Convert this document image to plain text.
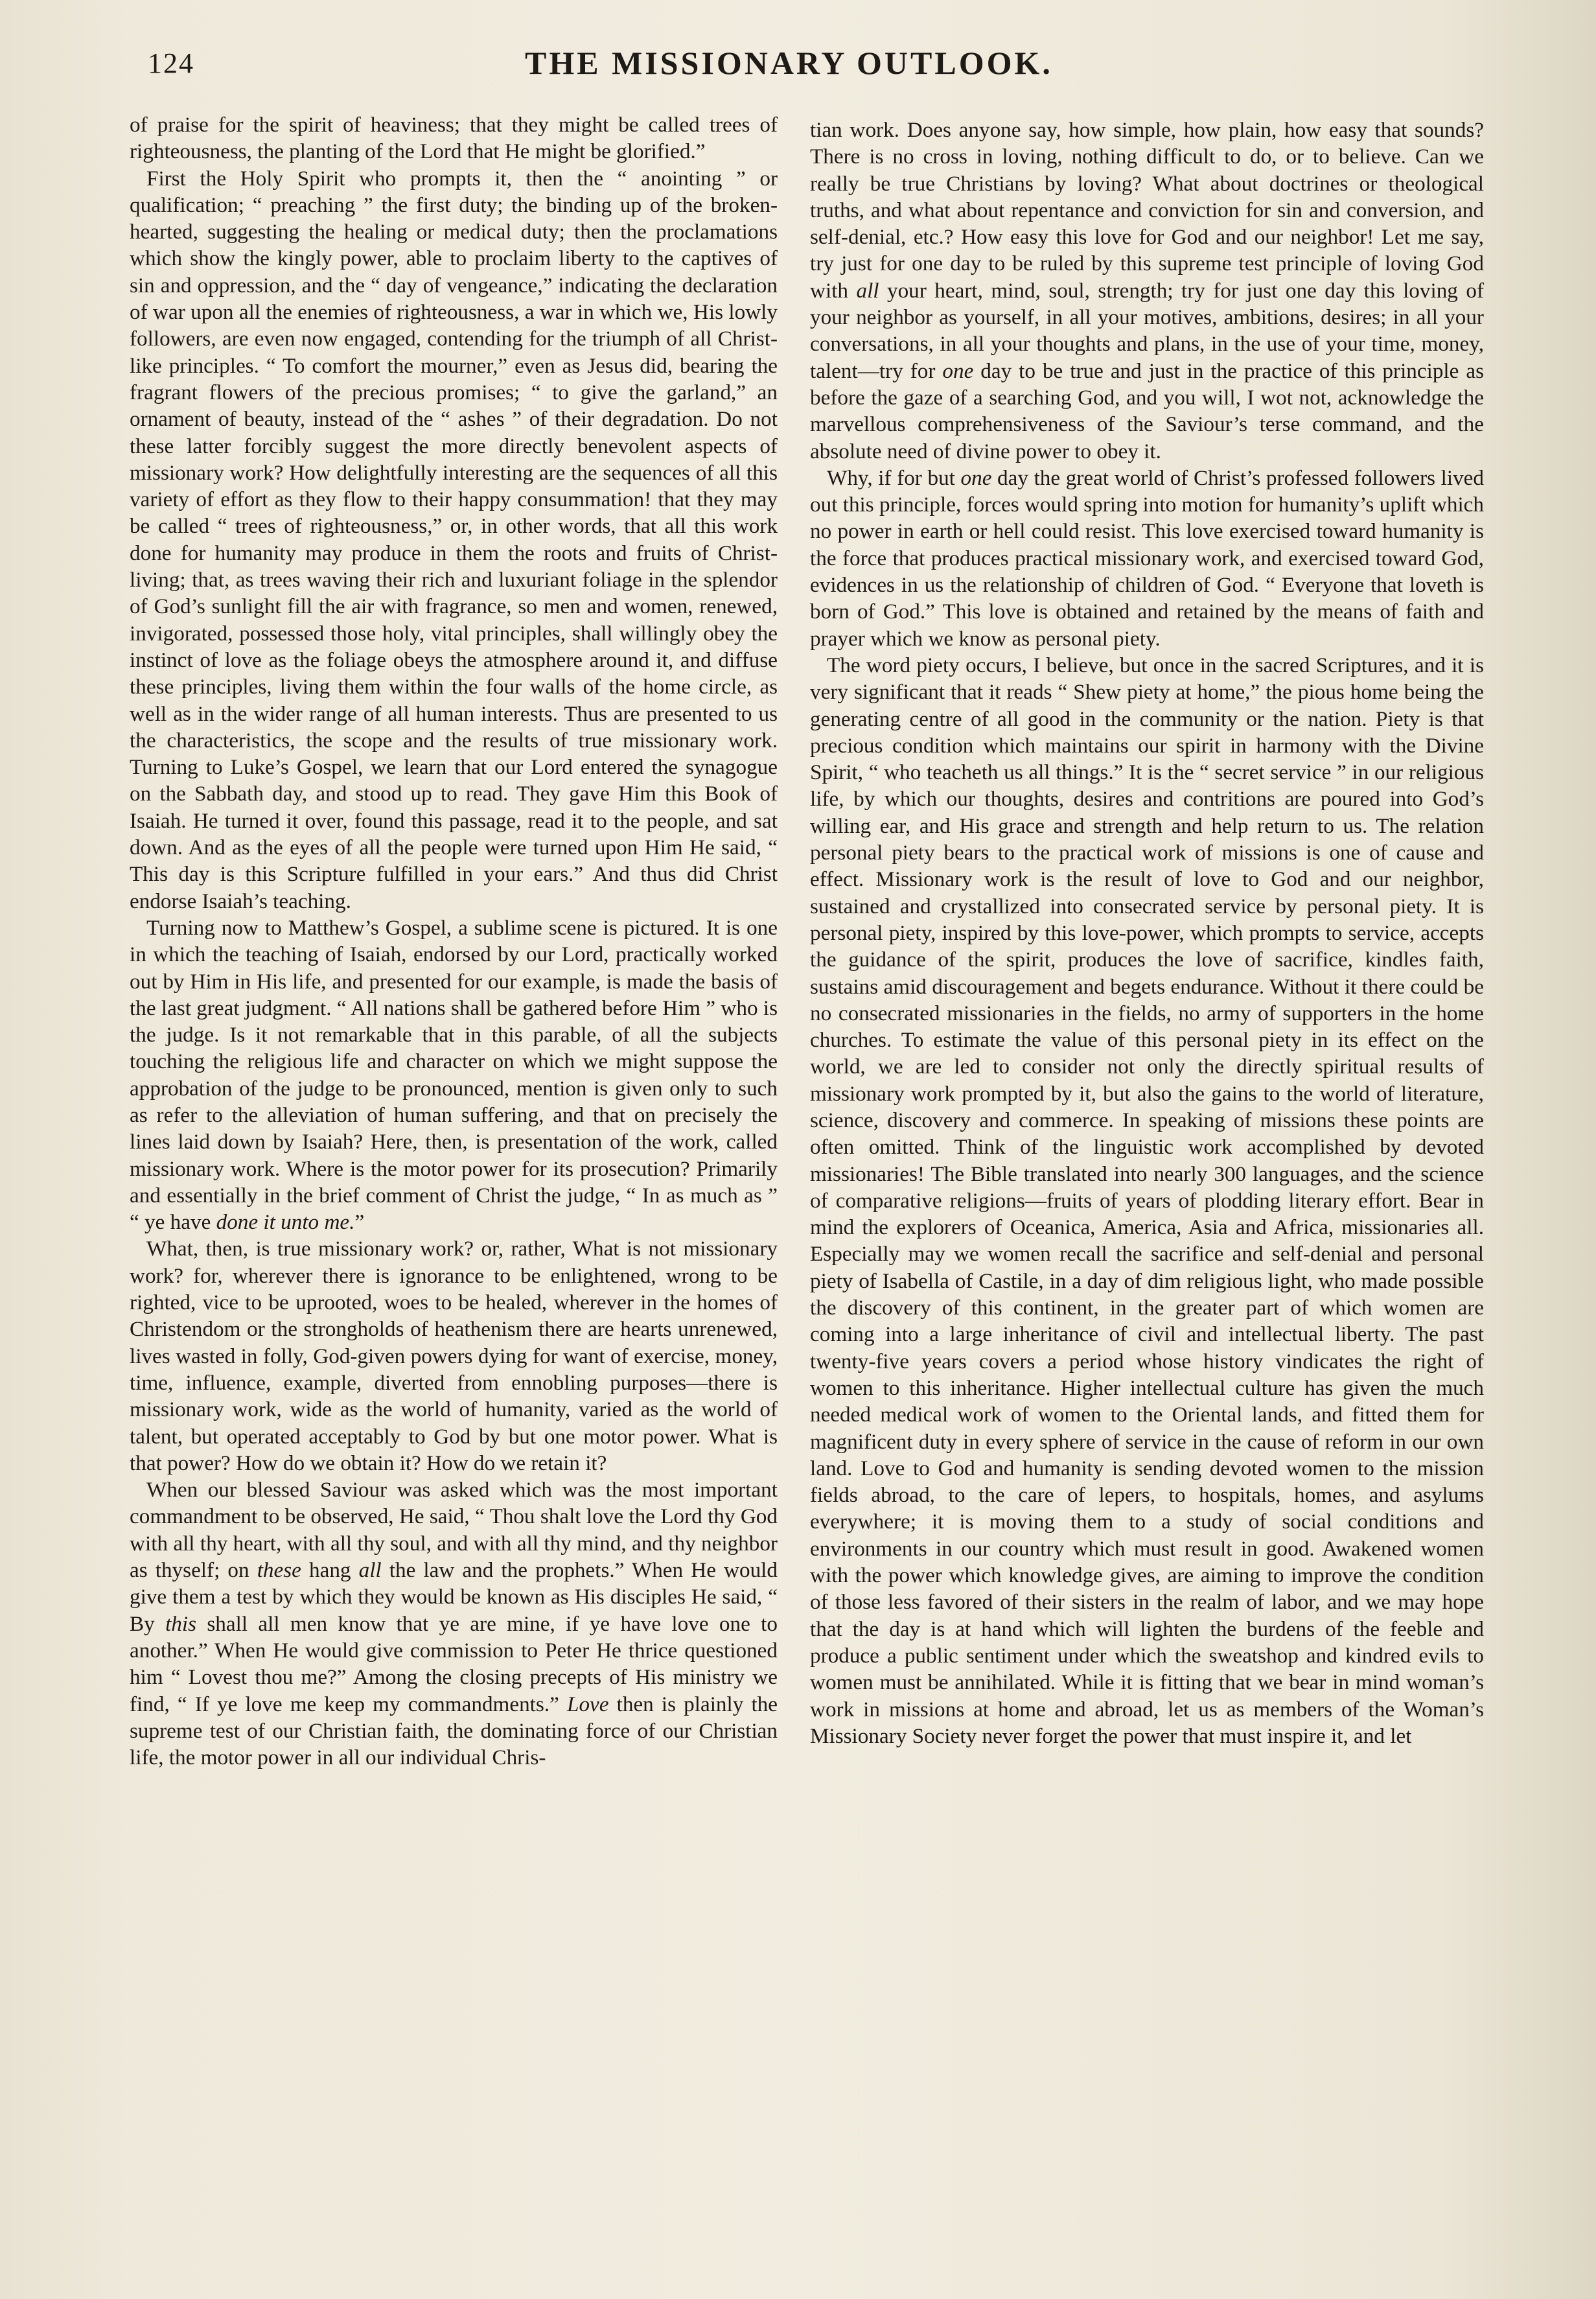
124	THE MISSIONARY OUTLOOK.

of praise for the spirit of heaviness; that they might be called trees of righteousness, the planting of the Lord that He might be glorified.”

First the Holy Spirit who prompts it, then the “ anointing ” or qualification; “ preaching ” the first duty; the binding up of the broken-hearted, suggesting the healing or medical duty; then the proclamations which show the kingly power, able to proclaim liberty to the captives of sin and oppression, and the “ day of vengeance,” indicating the declaration of war upon all the enemies of righteousness, a war in which we, His lowly followers, are even now engaged, contending for the triumph of all Christ-like principles. “ To comfort the mourner,” even as Jesus did, bearing the fragrant flowers of the precious promises; “ to give the garland,” an ornament of beauty, instead of the “ ashes ” of their degradation. Do not these latter forcibly suggest the more directly benevolent aspects of missionary work? How delightfully interesting are the sequences of all this variety of effort as they flow to their happy consummation! that they may be called “ trees of righteousness,” or, in other words, that all this work done for humanity may produce in them the roots and fruits of Christ-living; that, as trees waving their rich and luxuriant foliage in the splendor of God’s sunlight fill the air with fragrance, so men and women, renewed, invigorated, possessed those holy, vital principles, shall willingly obey the instinct of love as the foliage obeys the atmosphere around it, and diffuse these principles, living them within the four walls of the home circle, as well as in the wider range of all human interests. Thus are presented to us the characteristics, the scope and the results of true missionary work. Turning to Luke’s Gospel, we learn that our Lord entered the synagogue on the Sabbath day, and stood up to read. They gave Him this Book of Isaiah. He turned it over, found this passage, read it to the people, and sat down. And as the eyes of all the people were turned upon Him He said, “ This day is this Scripture fulfilled in your ears.” And thus did Christ endorse Isaiah’s teaching.

Turning now to Matthew’s Gospel, a sublime scene is pictured. It is one in which the teaching of Isaiah, endorsed by our Lord, practically worked out by Him in His life, and presented for our example, is made the basis of the last great judgment. “ All nations shall be gathered before Him ” who is the judge. Is it not remarkable that in this parable, of all the subjects touching the religious life and character on which we might suppose the approbation of the judge to be pronounced, mention is given only to such as refer to the alleviation of human suffering, and that on precisely the lines laid down by Isaiah? Here, then, is presentation of the work, called missionary work. Where is the motor power for its prosecution? Primarily and essentially in the brief comment of Christ the judge, “ In as much as ” “ ye have done it unto me.”

What, then, is true missionary work? or, rather, What is not missionary work? for, wherever there is ignorance to be enlightened, wrong to be righted, vice to be uprooted, woes to be healed, wherever in the homes of Christendom or the strongholds of heathenism there are hearts unrenewed, lives wasted in folly, God-given powers dying for want of exercise, money, time, influence, example, diverted from ennobling purposes—there is missionary work, wide as the world of humanity, varied as the world of talent, but operated acceptably to God by but one motor power. What is that power? How do we obtain it? How do we retain it?

When our blessed Saviour was asked which was the most important commandment to be observed, He said, “ Thou shalt love the Lord thy God with all thy heart, with all thy soul, and with all thy mind, and thy neighbor as thyself; on these hang all the law and the prophets.” When He would give them a test by which they would be known as His disciples He said, “ By this shall all men know that ye are mine, if ye have love one to another.” When He would give commission to Peter He thrice questioned him “ Lovest thou me?” Among the closing precepts of His ministry we find, “ If ye love me keep my commandments.” Love then is plainly the supreme test of our Christian faith, the dominating force of our Christian life, the motor power in all our individual Chris-

tian work. Does anyone say, how simple, how plain, how easy that sounds? There is no cross in loving, nothing difficult to do, or to believe. Can we really be true Christians by loving? What about doctrines or theological truths, and what about repentance and conviction for sin and conversion, and self-denial, etc.? How easy this love for God and our neighbor! Let me say, try just for one day to be ruled by this supreme test principle of loving God with all your heart, mind, soul, strength; try for just one day this loving of your neighbor as yourself, in all your motives, ambitions, desires; in all your conversations, in all your thoughts and plans, in the use of your time, money, talent—try for one day to be true and just in the practice of this principle as before the gaze of a searching God, and you will, I wot not, acknowledge the marvellous comprehensiveness of the Saviour’s terse command, and the absolute need of divine power to obey it.

Why, if for but one day the great world of Christ’s professed followers lived out this principle, forces would spring into motion for humanity’s uplift which no power in earth or hell could resist. This love exercised toward humanity is the force that produces practical missionary work, and exercised toward God, evidences in us the relationship of children of God. “ Everyone that loveth is born of God.” This love is obtained and retained by the means of faith and prayer which we know as personal piety.

The word piety occurs, I believe, but once in the sacred Scriptures, and it is very significant that it reads “ Shew piety at home,” the pious home being the generating centre of all good in the community or the nation. Piety is that precious condition which maintains our spirit in harmony with the Divine Spirit, “ who teacheth us all things.” It is the “ secret service ” in our religious life, by which our thoughts, desires and contritions are poured into God’s willing ear, and His grace and strength and help return to us. The relation personal piety bears to the practical work of missions is one of cause and effect. Missionary work is the result of love to God and our neighbor, sustained and crystallized into consecrated service by personal piety. It is personal piety, inspired by this love-power, which prompts to service, accepts the guidance of the spirit, produces the love of sacrifice, kindles faith, sustains amid discouragement and begets endurance. Without it there could be no consecrated missionaries in the fields, no army of supporters in the home churches. To estimate the value of this personal piety in its effect on the world, we are led to consider not only the directly spiritual results of missionary work prompted by it, but also the gains to the world of literature, science, discovery and commerce. In speaking of missions these points are often omitted. Think of the linguistic work accomplished by devoted missionaries! The Bible translated into nearly 300 languages, and the science of comparative religions—fruits of years of plodding literary effort. Bear in mind the explorers of Oceanica, America, Asia and Africa, missionaries all. Especially may we women recall the sacrifice and self-denial and personal piety of Isabella of Castile, in a day of dim religious light, who made possible the discovery of this continent, in the greater part of which women are coming into a large inheritance of civil and intellectual liberty. The past twenty-five years covers a period whose history vindicates the right of women to this inheritance. Higher intellectual culture has given the much needed medical work of women to the Oriental lands, and fitted them for magnificent duty in every sphere of service in the cause of reform in our own land. Love to God and humanity is sending devoted women to the mission fields abroad, to the care of lepers, to hospitals, homes, and asylums everywhere; it is moving them to a study of social conditions and environments in our country which must result in good. Awakened women with the power which knowledge gives, are aiming to improve the condition of those less favored of their sisters in the realm of labor, and we may hope that the day is at hand which will lighten the burdens of the feeble and produce a public sentiment under which the sweatshop and kindred evils to women must be annihilated. While it is fitting that we bear in mind woman’s work in missions at home and abroad, let us as members of the Woman’s Missionary Society never forget the power that must inspire it, and let
